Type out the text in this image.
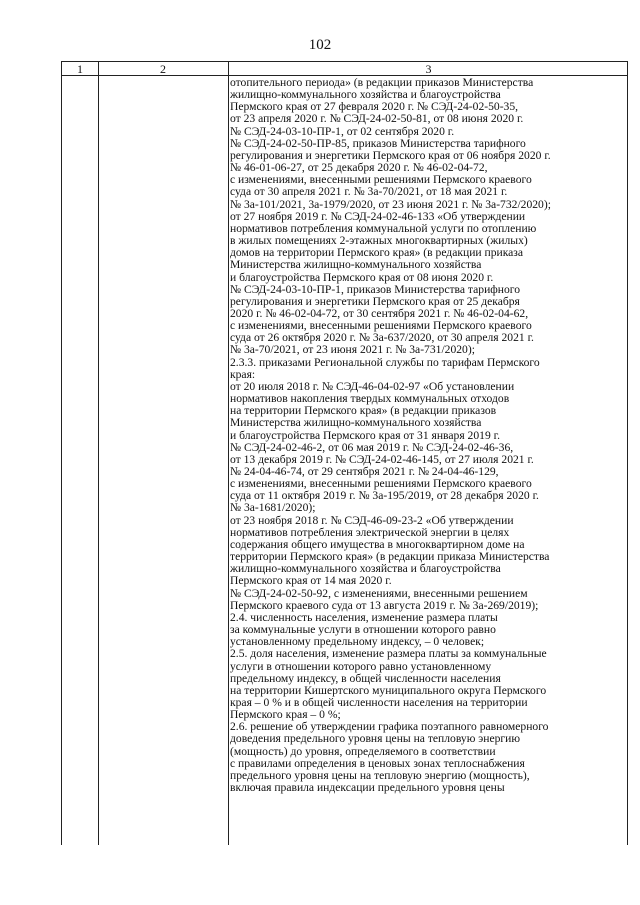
102
1	2	3
отопительного периода» (в редакции приказов Министерства
жилищно-коммунального хозяйства и благоустройства
Пермского края от 27 февраля 2020 г. № СЭД-24-02-50-35,
от 23 апреля 2020 г. № СЭД-24-02-50-81, от 08 июня 2020 г.
№ СЭД-24-03-10-ПР-1, от 02 сентября 2020 г.
№ СЭД-24-02-50-ПР-85, приказов Министерства тарифного
регулирования и энергетики Пермского края от 06 ноября 2020 г.
№ 46-01-06-27, от 25 декабря 2020 г. № 46-02-04-72,
с изменениями, внесенными решениями Пермского краевого
суда от 30 апреля 2021 г. № 3а-70/2021, от 18 мая 2021 г.
№ 3а-101/2021, 3а-1979/2020, от 23 июня 2021 г. № 3а-732/2020);
от 27 ноября 2019 г. № СЭД-24-02-46-133 «Об утверждении
нормативов потребления коммунальной услуги по отоплению
в жилых помещениях 2-этажных многоквартирных (жилых)
домов на территории Пермского края» (в редакции приказа
Министерства жилищно-коммунального хозяйства
и благоустройства Пермского края от 08 июня 2020 г.
№ СЭД-24-03-10-ПР-1, приказов Министерства тарифного
регулирования и энергетики Пермского края от 25 декабря
2020 г. № 46-02-04-72, от 30 сентября 2021 г. № 46-02-04-62,
с изменениями, внесенными решениями Пермского краевого
суда от 26 октября 2020 г. № 3а-637/2020, от 30 апреля 2021 г.
№ 3а-70/2021, от 23 июня 2021 г. № 3а-731/2020);
2.3.3. приказами Региональной службы по тарифам Пермского
края:
от 20 июля 2018 г. № СЭД-46-04-02-97 «Об установлении
нормативов накопления твердых коммунальных отходов
на территории Пермского края» (в редакции приказов
Министерства жилищно-коммунального хозяйства
и благоустройства Пермского края от 31 января 2019 г.
№ СЭД-24-02-46-2, от 06 мая 2019 г. № СЭД-24-02-46-36,
от 13 декабря 2019 г. № СЭД-24-02-46-145, от 27 июля 2021 г.
№ 24-04-46-74, от 29 сентября 2021 г. № 24-04-46-129,
с изменениями, внесенными решениями Пермского краевого
суда от 11 октября 2019 г. № 3а-195/2019, от 28 декабря 2020 г.
№ 3а-1681/2020);
от 23 ноября 2018 г. № СЭД-46-09-23-2 «Об утверждении
нормативов потребления электрической энергии в целях
содержания общего имущества в многоквартирном доме на
территории Пермского края» (в редакции приказа Министерства
жилищно-коммунального хозяйства и благоустройства
Пермского края от 14 мая 2020 г.
№ СЭД-24-02-50-92, с изменениями, внесенными решением
Пермского краевого суда от 13 августа 2019 г. № 3а-269/2019);
2.4. численность населения, изменение размера платы
за коммунальные услуги в отношении которого равно
установленному предельному индексу, – 0 человек;
2.5. доля населения, изменение размера платы за коммунальные
услуги в отношении которого равно установленному
предельному индексу, в общей численности населения
на территории Кишертского муниципального округа Пермского
края – 0 % и в общей численности населения на территории
Пермского края – 0 %;
2.6. решение об утверждении графика поэтапного равномерного
доведения предельного уровня цены на тепловую энергию
(мощность) до уровня, определяемого в соответствии
с правилами определения в ценовых зонах теплоснабжения
предельного уровня цены на тепловую энергию (мощность),
включая правила индексации предельного уровня цены
